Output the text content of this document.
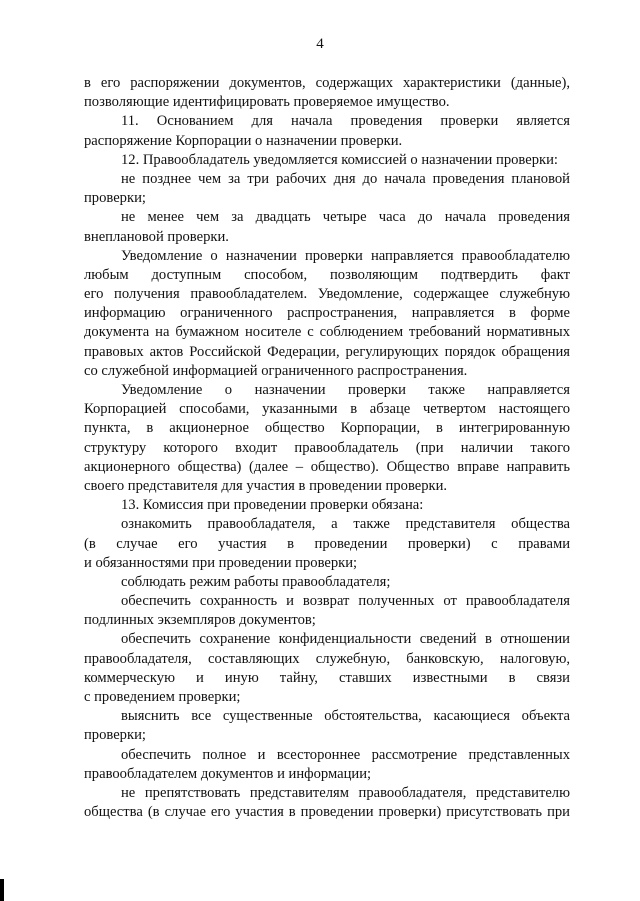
4
в его распоряжении документов, содержащих характеристики (данные),
позволяющие идентифицировать проверяемое имущество.
11. Основанием для начала проведения проверки является
распоряжение Корпорации о назначении проверки.
12. Правообладатель уведомляется комиссией о назначении проверки:
не позднее чем за три рабочих дня до начала проведения плановой
проверки;
не менее чем за двадцать четыре часа до начала проведения
внеплановой проверки.
Уведомление о назначении проверки направляется правообладателю
любым доступным способом, позволяющим подтвердить факт
его получения правообладателем. Уведомление, содержащее служебную
информацию ограниченного распространения, направляется в форме
документа на бумажном носителе с соблюдением требований нормативных
правовых актов Российской Федерации, регулирующих порядок обращения
со служебной информацией ограниченного распространения.
Уведомление о назначении проверки также направляется
Корпорацией способами, указанными в абзаце четвертом настоящего
пункта, в акционерное общество Корпорации, в интегрированную
структуру которого входит правообладатель (при наличии такого
акционерного общества) (далее – общество). Общество вправе направить
своего представителя для участия в проведении проверки.
13. Комиссия при проведении проверки обязана:
ознакомить правообладателя, а также представителя общества
(в случае его участия в проведении проверки) с правами
и обязанностями при проведении проверки;
соблюдать режим работы правообладателя;
обеспечить сохранность и возврат полученных от правообладателя
подлинных экземпляров документов;
обеспечить сохранение конфиденциальности сведений в отношении
правообладателя, составляющих служебную, банковскую, налоговую,
коммерческую и иную тайну, ставших известными в связи
с проведением проверки;
выяснить все существенные обстоятельства, касающиеся объекта
проверки;
обеспечить полное и всестороннее рассмотрение представленных
правообладателем документов и информации;
не препятствовать представителям правообладателя, представителю
общества (в случае его участия в проведении проверки) присутствовать при
